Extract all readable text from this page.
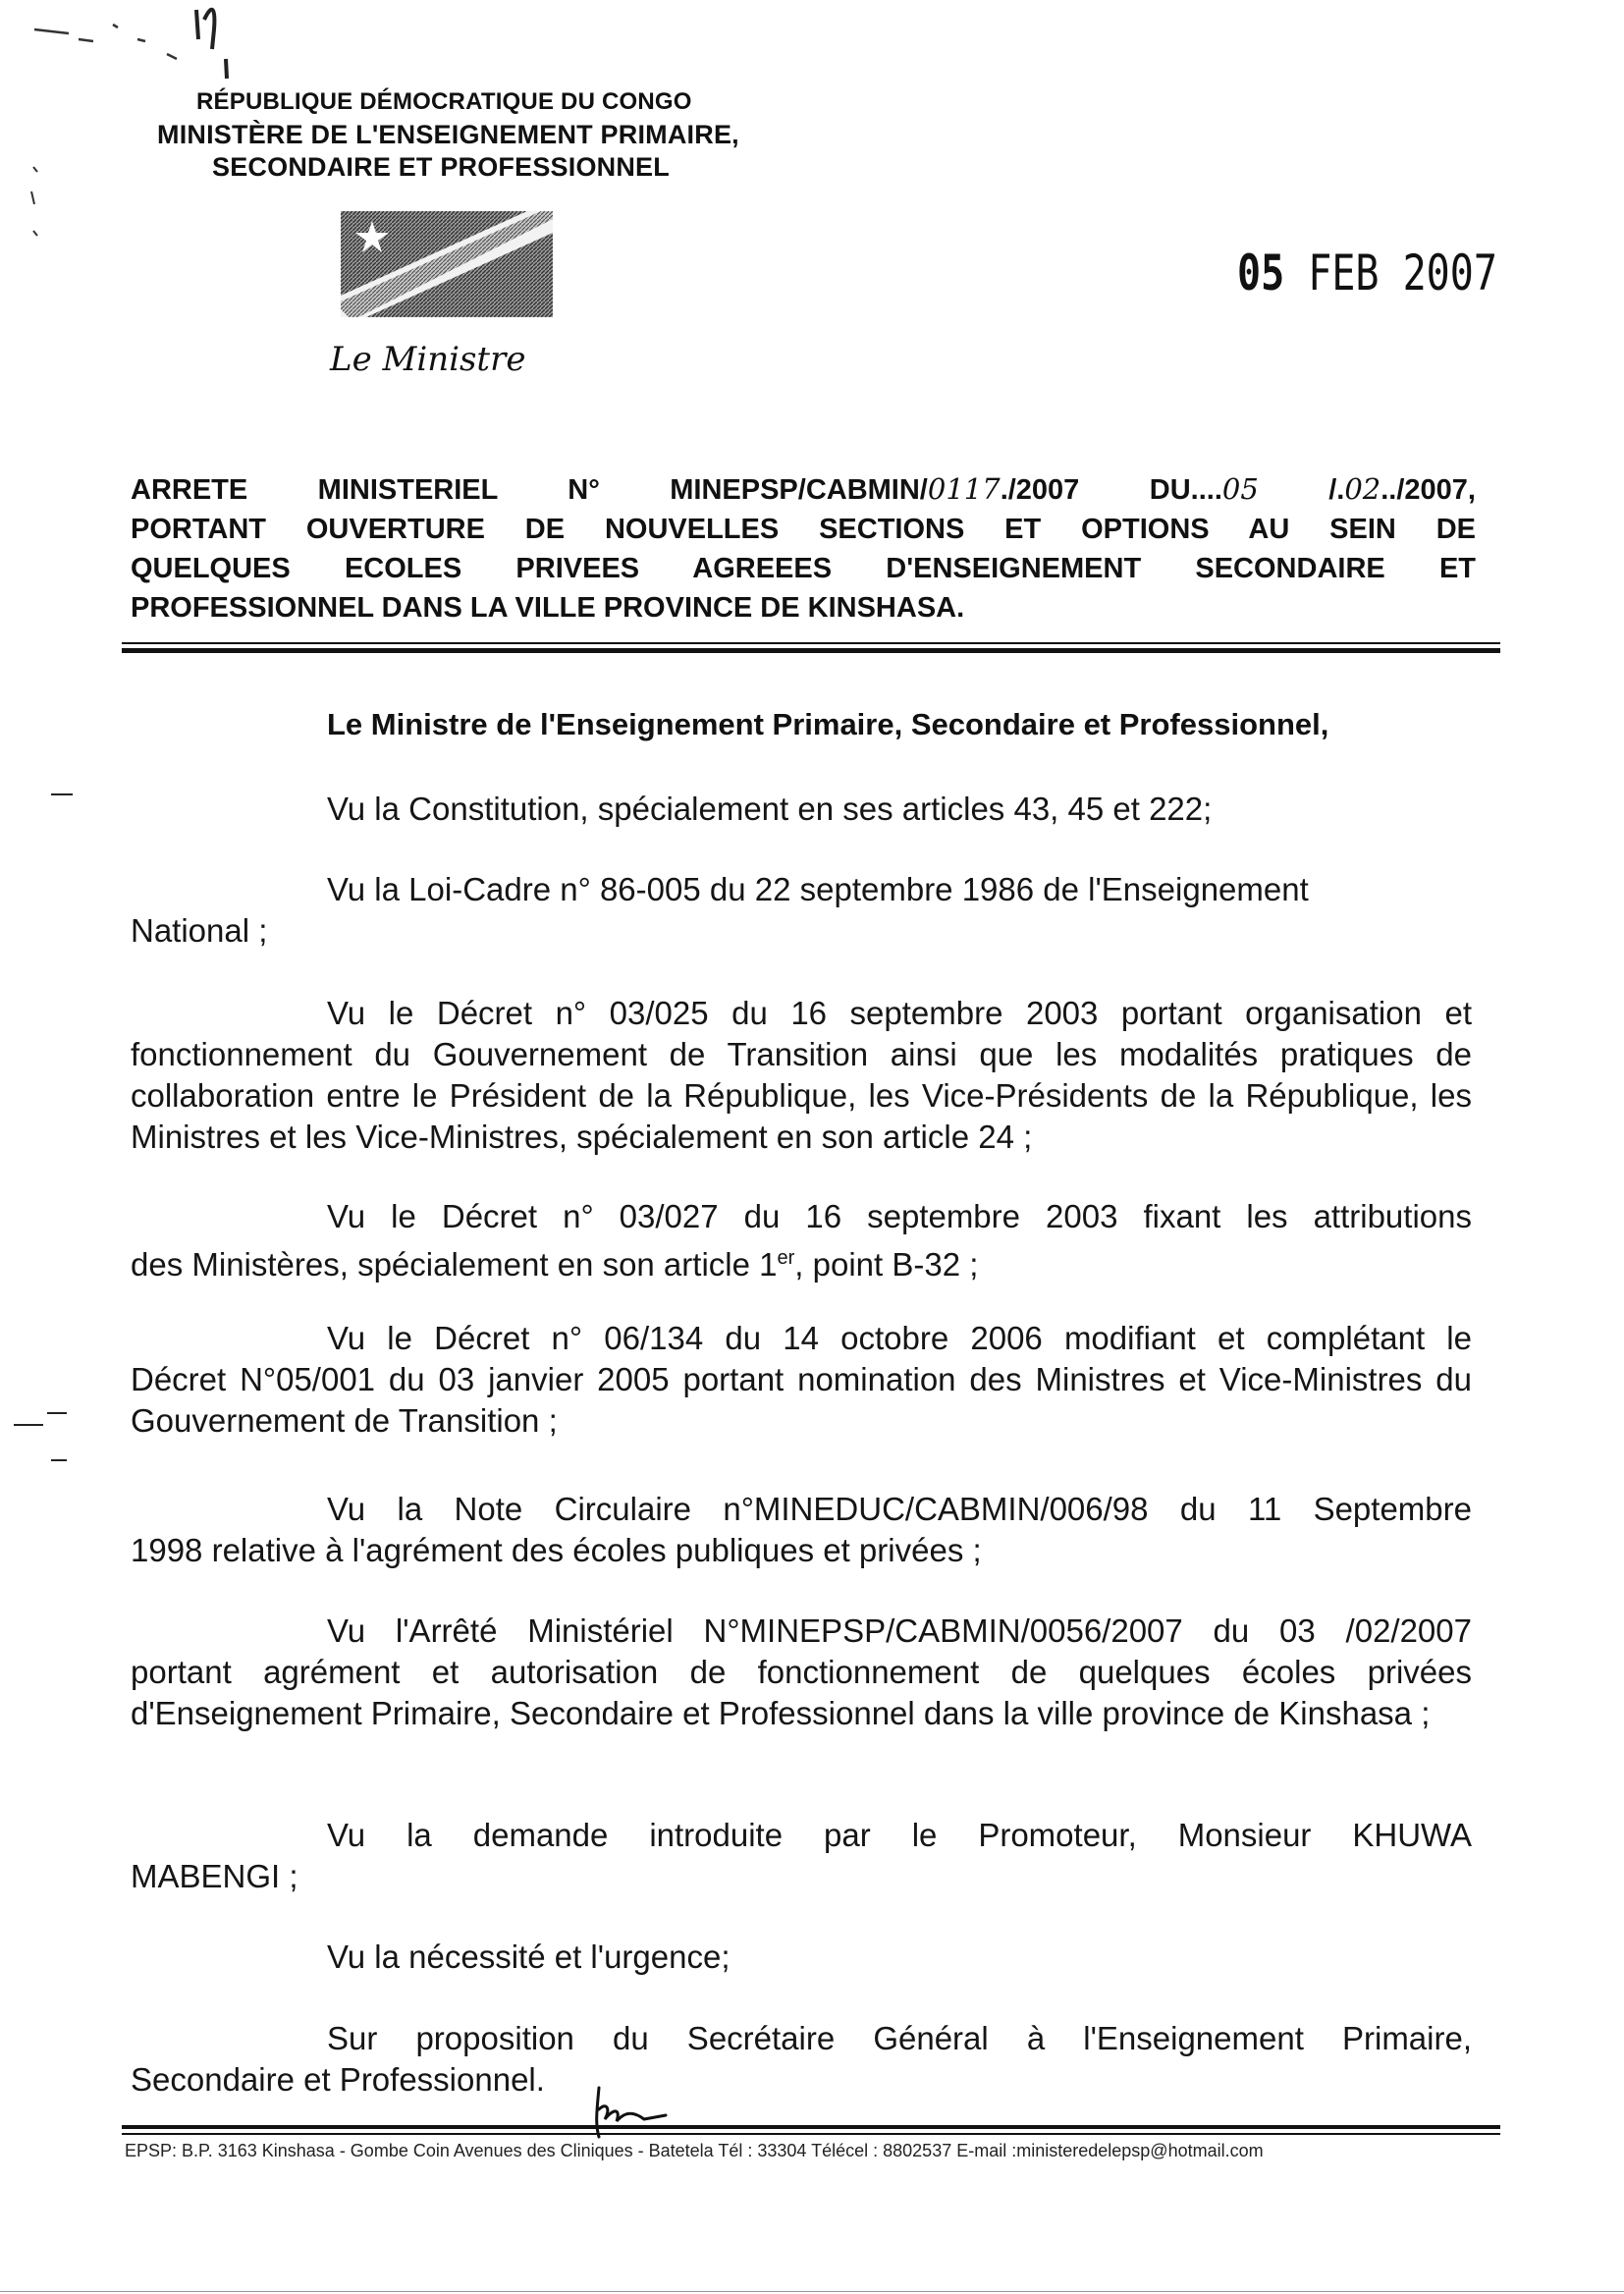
RÉPUBLIQUE DÉMOCRATIQUE DU CONGO
MINISTÈRE DE L'ENSEIGNEMENT PRIMAIRE,
SECONDAIRE ET PROFESSIONNEL
Le Ministre
05 FEB 2007
ARRETE MINISTERIEL N° MINEPSP/CABMIN/0117./2007 DU....05 /.02../2007,
PORTANT OUVERTURE DE NOUVELLES SECTIONS ET OPTIONS AU SEIN DE
QUELQUES ECOLES PRIVEES AGREEES D'ENSEIGNEMENT SECONDAIRE ET
PROFESSIONNEL DANS LA VILLE PROVINCE DE KINSHASA.
Le Ministre de l'Enseignement Primaire, Secondaire et Professionnel,
Vu la Constitution, spécialement en ses articles 43, 45 et 222;
Vu la Loi-Cadre n° 86-005 du 22 septembre 1986 de l'Enseignement
National ;
Vu le Décret n° 03/025 du 16 septembre 2003 portant organisation et
fonctionnement du Gouvernement de Transition ainsi que les modalités pratiques de collaboration entre le Président de la République, les Vice-Présidents de la République, les Ministres et les Vice-Ministres, spécialement en son article 24 ;
Vu le Décret n° 03/027 du 16 septembre 2003 fixant les attributions
des Ministères, spécialement en son article 1er, point B-32 ;
Vu le Décret n° 06/134 du 14 octobre 2006 modifiant et complétant le
Décret N°05/001 du 03 janvier 2005 portant nomination des Ministres et Vice-Ministres du Gouvernement de Transition ;
Vu la Note Circulaire n°MINEDUC/CABMIN/006/98 du 11 Septembre
1998 relative à l'agrément des écoles publiques et privées ;
Vu l'Arrêté Ministériel N°MINEPSP/CABMIN/0056/2007 du 03 /02/2007
portant agrément et autorisation de fonctionnement de quelques écoles privées d'Enseignement Primaire, Secondaire et Professionnel dans la ville province de Kinshasa ;
Vu la demande introduite par le Promoteur, Monsieur KHUWA
MABENGI ;
Vu la nécessité et l'urgence;
Sur proposition du Secrétaire Général à l'Enseignement Primaire,
Secondaire et Professionnel.
EPSP: B.P. 3163 Kinshasa - Gombe Coin Avenues des Cliniques - Batetela Tél : 33304 Télécel : 8802537 E-mail :ministeredelepsp@hotmail.com
